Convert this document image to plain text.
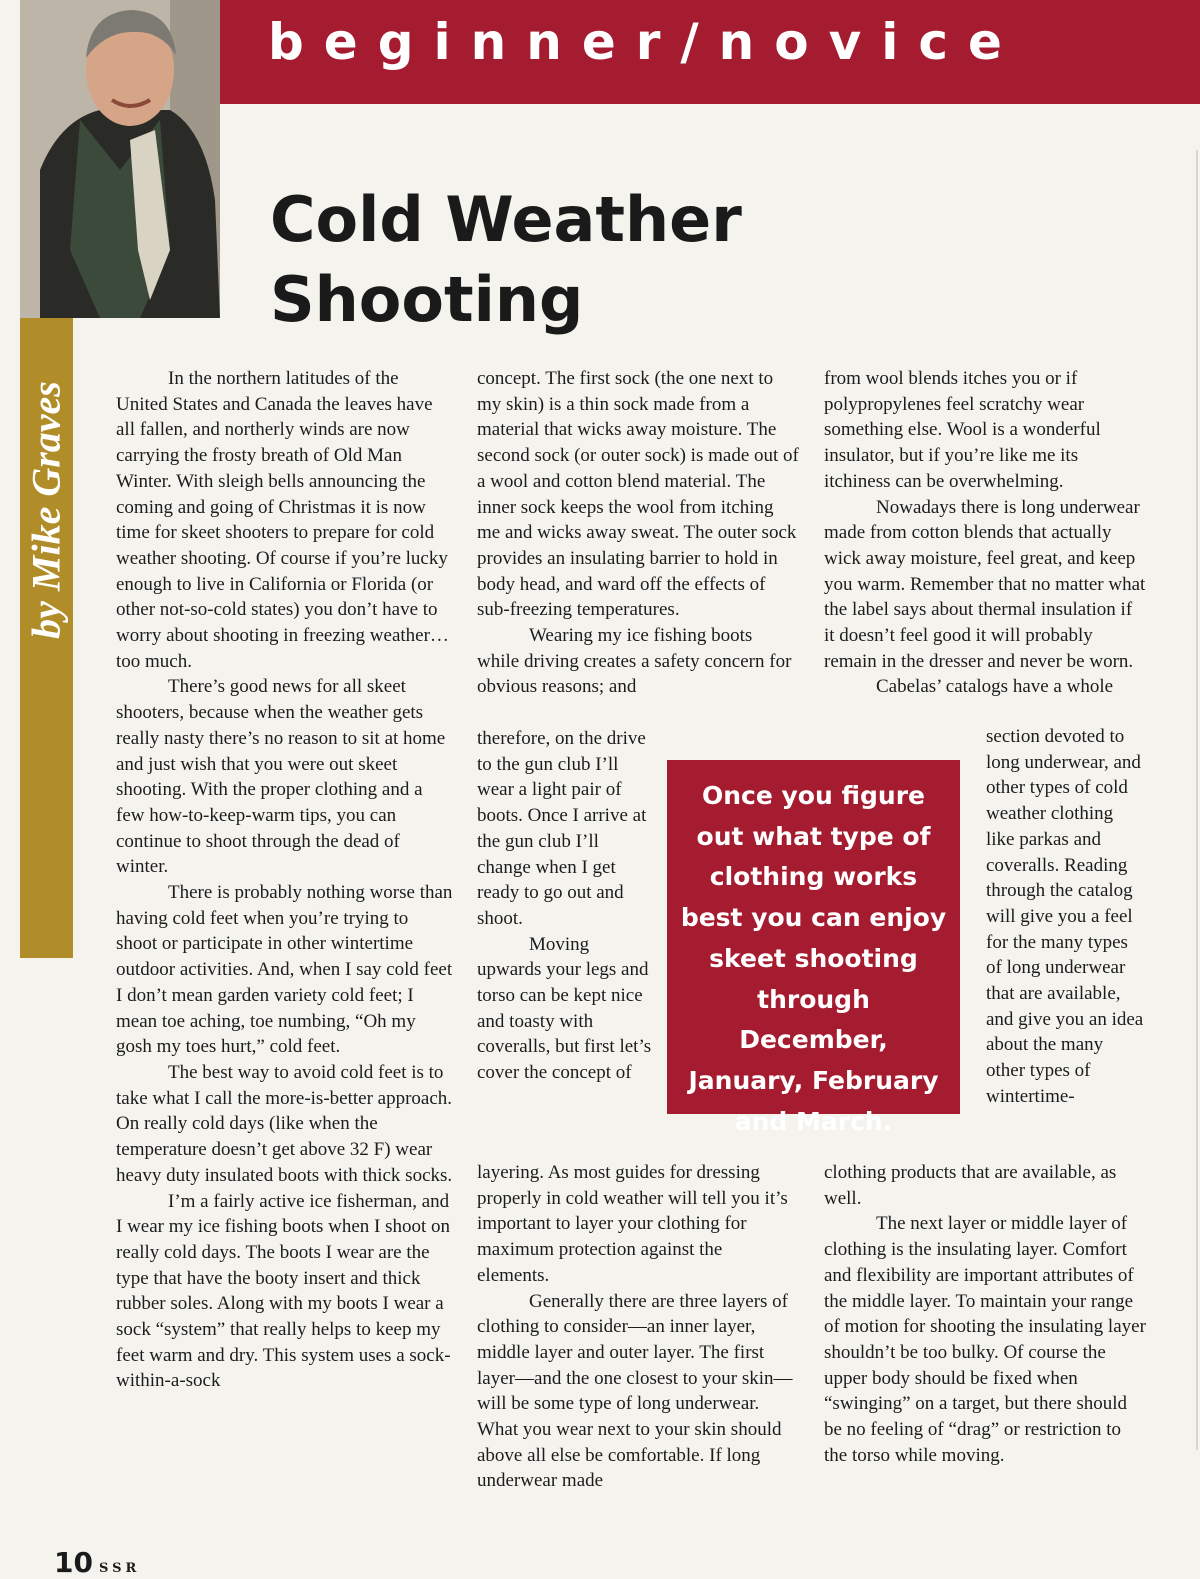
beginner/novice

by Mike Graves

Cold Weather
Shooting

In the northern latitudes of the United States and Canada the leaves have all fallen, and northerly winds are now carrying the frosty breath of Old Man Winter. With sleigh bells announcing the coming and going of Christmas it is now time for skeet shooters to prepare for cold weather shooting. Of course if you’re lucky enough to live in California or Florida (or other not-so-cold states) you don’t have to worry about shooting in freezing weather…too much.

There’s good news for all skeet shooters, because when the weather gets really nasty there’s no reason to sit at home and just wish that you were out skeet shooting. With the proper clothing and a few how-to-keep-warm tips, you can continue to shoot through the dead of winter.

There is probably nothing worse than having cold feet when you’re trying to shoot or participate in other wintertime outdoor activities. And, when I say cold feet I don’t mean garden variety cold feet; I mean toe aching, toe numbing, “Oh my gosh my toes hurt,” cold feet.

The best way to avoid cold feet is to take what I call the more-is-better approach. On really cold days (like when the temperature doesn’t get above 32 F) wear heavy duty insulated boots with thick socks.

I’m a fairly active ice fisherman, and I wear my ice fishing boots when I shoot on really cold days. The boots I wear are the type that have the booty insert and thick rubber soles. Along with my boots I wear a sock “system” that really helps to keep my feet warm and dry. This system uses a sock-within-a-sock

concept. The first sock (the one next to my skin) is a thin sock made from a material that wicks away moisture. The second sock (or outer sock) is made out of a wool and cotton blend material. The inner sock keeps the wool from itching me and wicks away sweat. The outer sock provides an insulating barrier to hold in body head, and ward off the effects of sub-freezing temperatures.

Wearing my ice fishing boots while driving creates a safety concern for obvious reasons; and

therefore, on the drive to the gun club I’ll wear a light pair of boots. Once I arrive at the gun club I’ll change when I get ready to go out and shoot.

Moving upwards your legs and torso can be kept nice and toasty with coveralls, but first let’s cover the concept of

layering. As most guides for dressing properly in cold weather will tell you it’s important to layer your clothing for maximum protection against the elements.

Generally there are three layers of clothing to consider—an inner layer, middle layer and outer layer. The first layer—and the one closest to your skin—will be some type of long underwear. What you wear next to your skin should above all else be comfortable. If long underwear made

Once you figure out what type of clothing works best you can enjoy skeet shooting through December, January, February and March.

from wool blends itches you or if polypropylenes feel scratchy wear something else. Wool is a wonderful insulator, but if you’re like me its itchiness can be overwhelming.

Nowadays there is long underwear made from cotton blends that actually wick away moisture, feel great, and keep you warm. Remember that no matter what the label says about thermal insulation if it doesn’t feel good it will probably remain in the dresser and never be worn.

Cabelas’ catalogs have a whole

section devoted to long underwear, and other types of cold weather clothing like parkas and coveralls. Reading through the catalog will give you a feel for the many types of long underwear that are available, and give you an idea about the many other types of wintertime-

clothing products that are available, as well.

The next layer or middle layer of clothing is the insulating layer. Comfort and flexibility are important attributes of the middle layer. To maintain your range of motion for shooting the insulating layer shouldn’t be too bulky. Of course the upper body should be fixed when “swinging” on a target, but there should be no feeling of “drag” or restriction to the torso while moving.

10 SSR
